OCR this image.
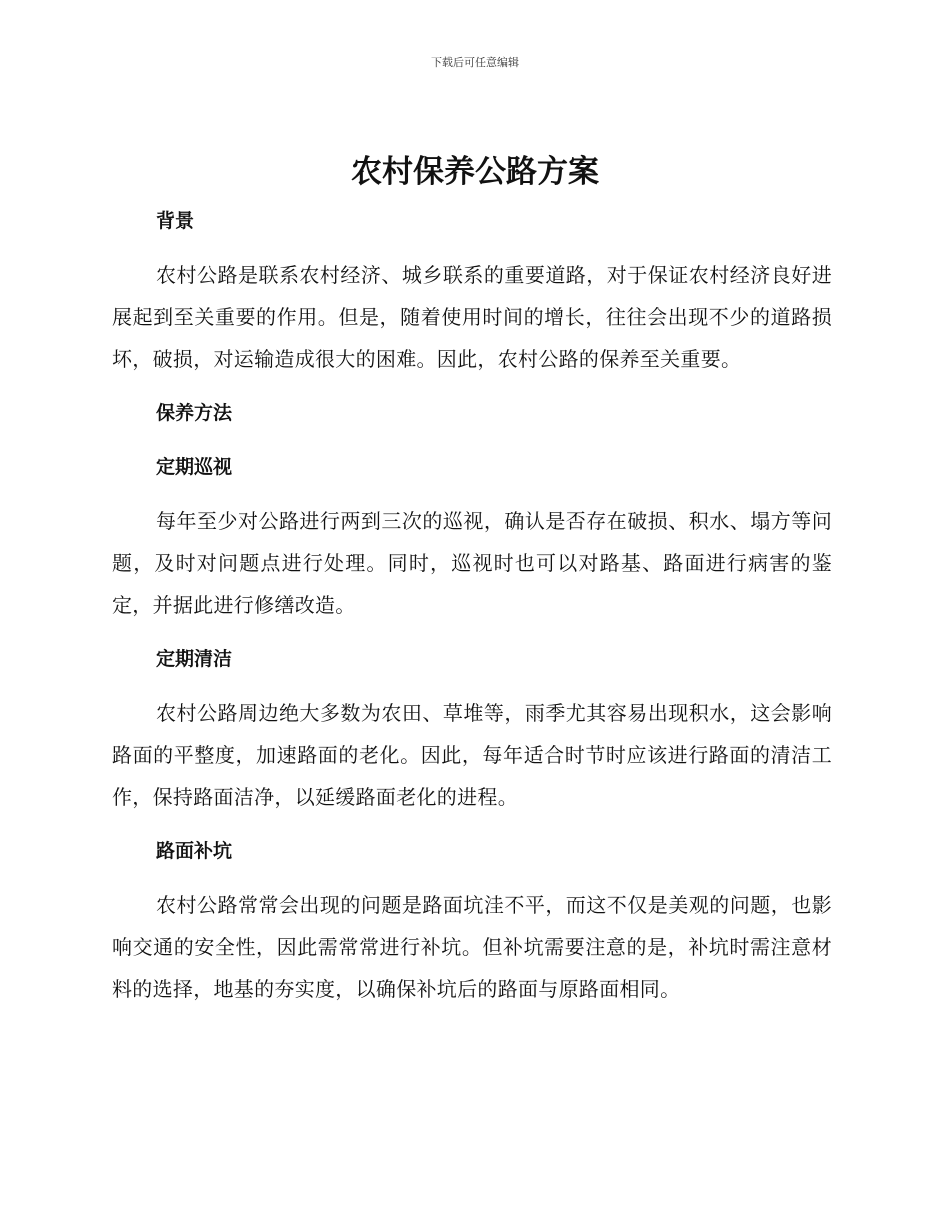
下载后可任意编辑
农村保养公路方案
背景

农村公路是联系农村经济、城乡联系的重要道路，对于保证农村经济良好进展起到至关重要的作用。但是，随着使用时间的增长，往往会出现不少的道路损坏，破损，对运输造成很大的困难。因此，农村公路的保养至关重要。

保养方法
定期巡视

每年至少对公路进行两到三次的巡视，确认是否存在破损、积水、塌方等问题，及时对问题点进行处理。同时，巡视时也可以对路基、路面进行病害的鉴定，并据此进行修缮改造。

定期清洁

农村公路周边绝大多数为农田、草堆等，雨季尤其容易出现积水，这会影响路面的平整度，加速路面的老化。因此，每年适合时节时应该进行路面的清洁工作，保持路面洁净，以延缓路面老化的进程。

路面补坑

农村公路常常会出现的问题是路面坑洼不平，而这不仅是美观的问题，也影响交通的安全性，因此需常常进行补坑。但补坑需要注意的是，补坑时需注意材料的选择，地基的夯实度，以确保补坑后的路面与原路面相同。
